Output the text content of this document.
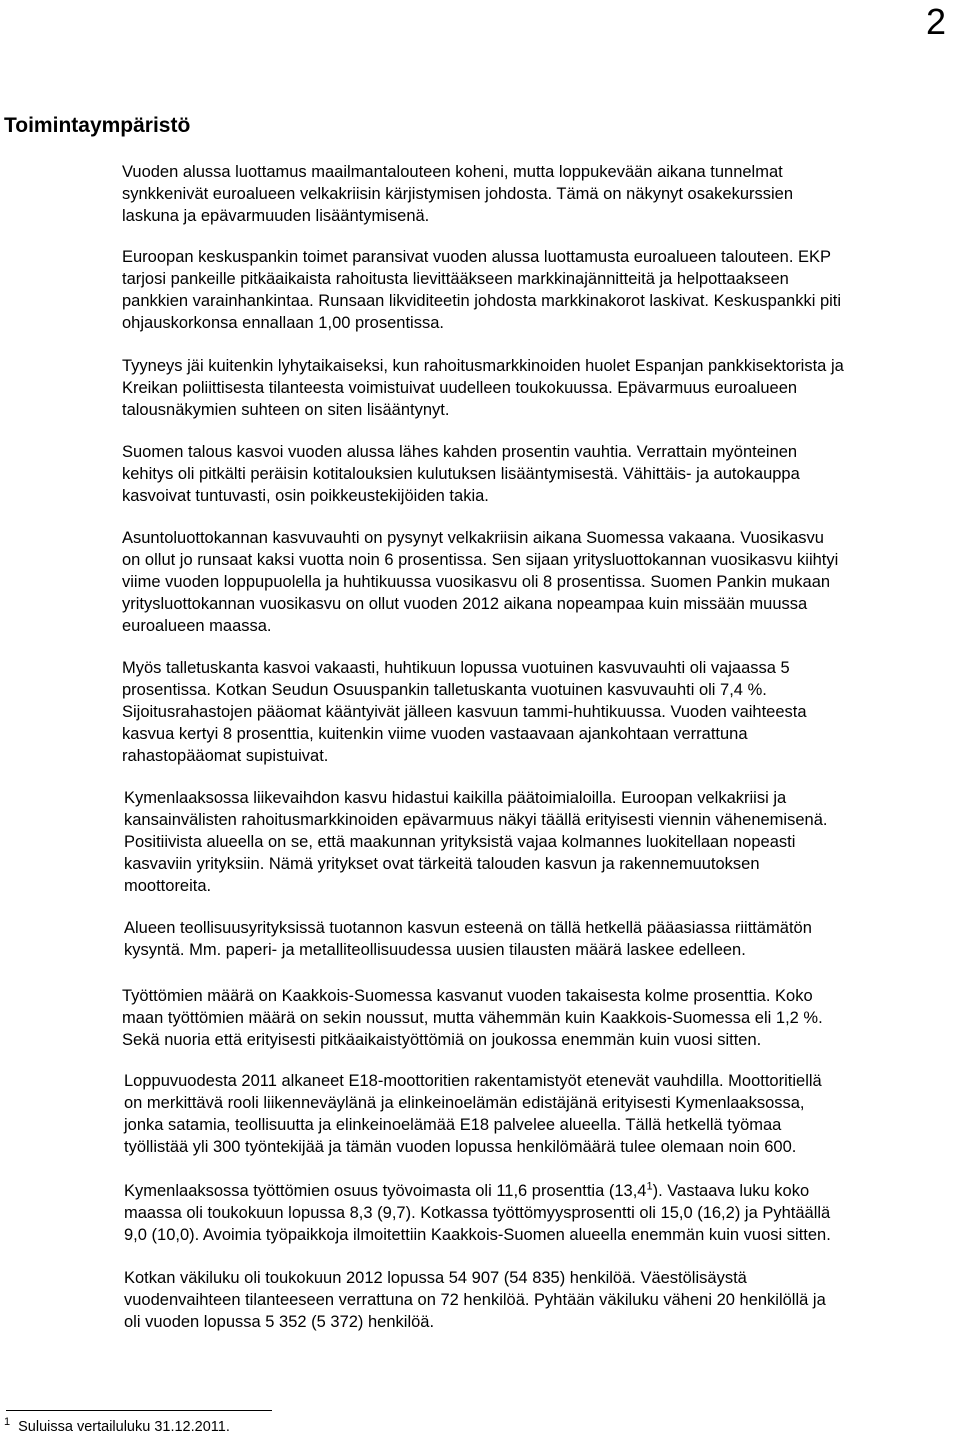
2
Toimintaympäristö

Vuoden alussa luottamus maailmantalouteen koheni, mutta loppukevään aikana tunnelmat
synkkenivät euroalueen velkakriisin kärjistymisen johdosta. Tämä on näkynyt osakekurssien
laskuna ja epävarmuuden lisääntymisenä.

Euroopan keskuspankin toimet paransivat vuoden alussa luottamusta euroalueen talouteen. EKP
tarjosi pankeille pitkäaikaista rahoitusta lievittääkseen markkinajännitteitä ja helpottaakseen
pankkien varainhankintaa. Runsaan likviditeetin johdosta markkinakorot laskivat. Keskuspankki piti
ohjauskorkonsa ennallaan 1,00 prosentissa.

Tyyneys jäi kuitenkin lyhytaikaiseksi, kun rahoitusmarkkinoiden huolet Espanjan pankkisektorista ja
Kreikan poliittisesta tilanteesta voimistuivat uudelleen toukokuussa. Epävarmuus euroalueen
talousnäkymien suhteen on siten lisääntynyt.

Suomen talous kasvoi vuoden alussa lähes kahden prosentin vauhtia. Verrattain myönteinen
kehitys oli pitkälti peräisin kotitalouksien kulutuksen lisääntymisestä. Vähittäis- ja autokauppa
kasvoivat tuntuvasti, osin poikkeustekijöiden takia.

Asuntoluottokannan kasvuvauhti on pysynyt velkakriisin aikana Suomessa vakaana. Vuosikasvu
on ollut jo runsaat kaksi vuotta noin 6 prosentissa. Sen sijaan yritysluottokannan vuosikasvu kiihtyi
viime vuoden loppupuolella ja huhtikuussa vuosikasvu oli 8 prosentissa. Suomen Pankin mukaan
yritysluottokannan vuosikasvu on ollut vuoden 2012 aikana nopeampaa kuin missään muussa
euroalueen maassa.

Myös talletuskanta kasvoi vakaasti, huhtikuun lopussa vuotuinen kasvuvauhti oli vajaassa 5
prosentissa. Kotkan Seudun Osuuspankin talletuskanta vuotuinen kasvuvauhti oli 7,4 %.
Sijoitusrahastojen pääomat kääntyivät jälleen kasvuun tammi-huhtikuussa. Vuoden vaihteesta
kasvua kertyi 8 prosenttia, kuitenkin viime vuoden vastaavaan ajankohtaan verrattuna
rahastopääomat supistuivat.

Kymenlaaksossa liikevaihdon kasvu hidastui kaikilla päätoimialoilla. Euroopan velkakriisi ja
kansainvälisten rahoitusmarkkinoiden epävarmuus näkyi täällä erityisesti viennin vähenemisenä.
Positiivista alueella on se, että maakunnan yrityksistä vajaa kolmannes luokitellaan nopeasti
kasvaviin yrityksiin. Nämä yritykset ovat tärkeitä talouden kasvun ja rakennemuutoksen
moottoreita.

Alueen teollisuusyrityksissä tuotannon kasvun esteenä on tällä hetkellä pääasiassa riittämätön
kysyntä. Mm. paperi- ja metalliteollisuudessa uusien tilausten määrä laskee edelleen.

Työttömien määrä on Kaakkois-Suomessa kasvanut vuoden takaisesta kolme prosenttia. Koko
maan työttömien määrä on sekin noussut, mutta vähemmän kuin Kaakkois-Suomessa eli 1,2 %.
Sekä nuoria että erityisesti pitkäaikaistyöttömiä on joukossa enemmän kuin vuosi sitten.

Loppuvuodesta 2011 alkaneet E18-moottoritien rakentamistyöt etenevät vauhdilla. Moottoritiellä
on merkittävä rooli liikenneväylänä ja elinkeinoelämän edistäjänä erityisesti Kymenlaaksossa,
jonka satamia, teollisuutta ja elinkeinoelämää E18 palvelee alueella. Tällä hetkellä työmaa
työllistää yli 300 työntekijää ja tämän vuoden lopussa henkilömäärä tulee olemaan noin 600.

Kymenlaaksossa työttömien osuus työvoimasta oli 11,6 prosenttia (13,4$^1$). Vastaava luku koko
maassa oli toukokuun lopussa 8,3 (9,7). Kotkassa työttömyysprosentti oli 15,0 (16,2) ja Pyhtäällä
9,0 (10,0). Avoimia työpaikkoja ilmoitettiin Kaakkois-Suomen alueella enemmän kuin vuosi sitten.

Kotkan väkiluku oli toukokuun 2012 lopussa 54 907 (54 835) henkilöä. Väestölisäystä
vuodenvaihteen tilanteeseen verrattuna on 72 henkilöä. Pyhtään väkiluku väheni 20 henkilöllä ja
oli vuoden lopussa 5 352 (5 372) henkilöä.

$^1$ Suluissa vertailuluku 31.12.2011.
